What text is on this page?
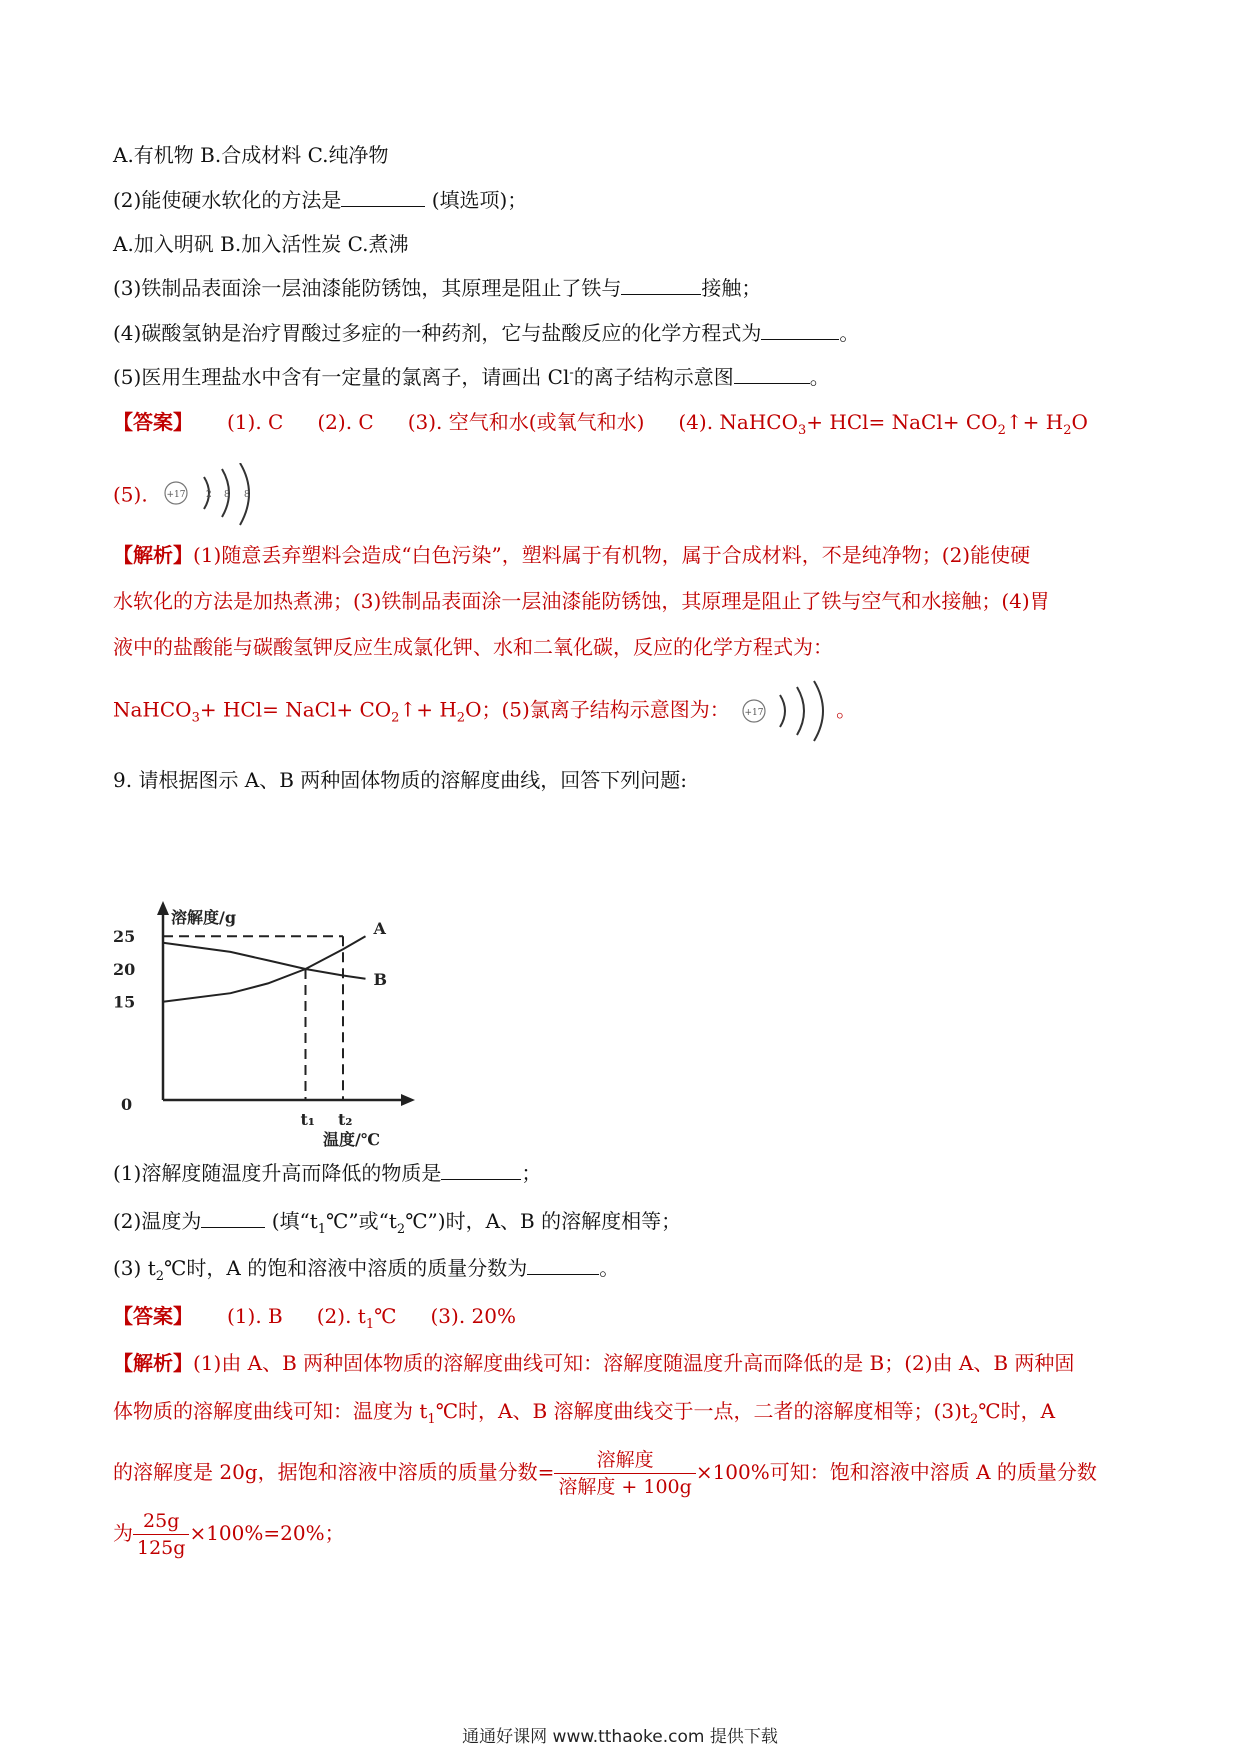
A.有机物 B.合成材料 C.纯净物
(2)能使硬水软化的方法是	(填选项)；
A.加入明矾 B.加入活性炭 C.煮沸
(3)铁制品表面涂一层油漆能防锈蚀，其原理是阻止了铁与	接触；
(4)碳酸氢钠是治疗胃酸过多症的一种药剂，它与盐酸反应的化学方程式为	。
(5)医用生理盐水中含有一定量的氯离子，请画出 Cl-的离子结构示意图	。
【答案】 (1). C (2). C (3). 空气和水(或氧气和水) (4). NaHCO$_3$+ HCl= NaCl+ $CO_2↑+ H_2O$
(5). +17 2 8 8
【解析】(1)随意丢弃塑料会造成“白色污染”，塑料属于有机物，属于合成材料，不是纯净物；(2)能使硬
水软化的方法是加热煮沸；(3)铁制品表面涂一层油漆能防锈蚀，其原理是阻止了铁与空气和水接触；(4)胃
液中的盐酸能与碳酸氢钾反应生成氯化钾、水和二氧化碳，反应的化学方程式为：
NaHCO$_3$+ HCl= NaCl+ $CO_2↑+ H_2O$；(5)氯离子结构示意图为： +17	。
9. 请根据图示 A、B 两种固体物质的溶解度曲线，回答下列问题:
溶解度/g
温度/℃
0
15
20
25
t₁ t₂
A
B
(1)溶解度随温度升高而降低的物质是	；
(2)温度为	(填“$t_1℃$”或“$t_2℃$”)时，A、B 的溶解度相等；
(3) $t_2℃$时，A 的饱和溶液中溶质的质量分数为	。
【答案】 (1). B (2). $t_1℃$ (3). 20%
【解析】(1)由 A、B 两种固体物质的溶解度曲线可知：溶解度随温度升高而降低的是 B；(2)由 A、B 两种固
体物质的溶解度曲线可知：温度为 $t_1℃$时，A、B 溶解度曲线交于一点，二者的溶解度相等；$(3)t_2℃$时，A
的溶解度是 20g，据饱和溶液中溶质的质量分数= $\frac{\text{溶解度}}{\text{溶解度 + 100g}} \times 100\%$可知：饱和溶液中溶质 A 的质量分数
为 $\frac{25g}{125g} \times 100\%=20\%$；
通通好课网 www.tthaoke.com 提供下载
